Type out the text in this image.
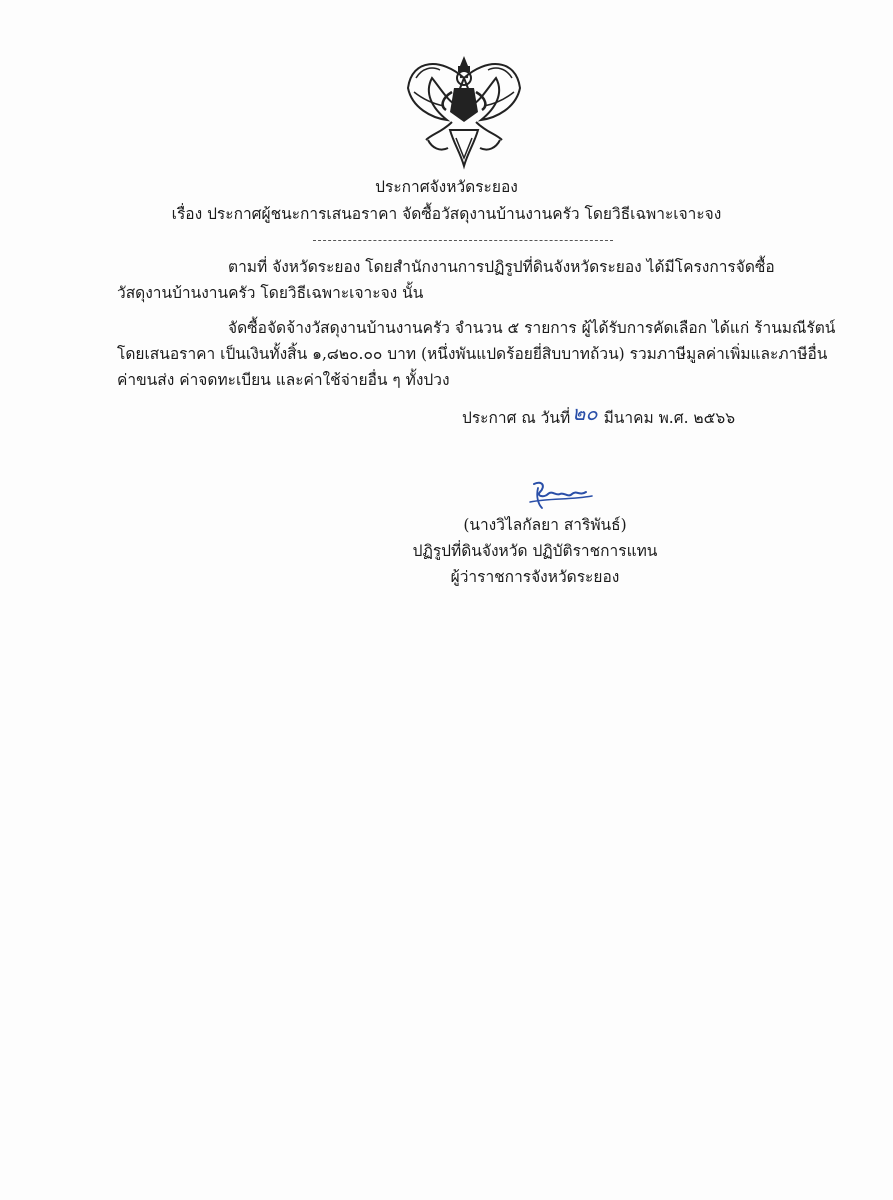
ประกาศจังหวัดระยอง
เรื่อง ประกาศผู้ชนะการเสนอราคา จัดซื้อวัสดุงานบ้านงานครัว โดยวิธีเฉพาะเจาะจง
ตามที่ จังหวัดระยอง โดยสำนักงานการปฏิรูปที่ดินจังหวัดระยอง ได้มีโครงการจัดซื้อ
วัสดุงานบ้านงานครัว โดยวิธีเฉพาะเจาะจง นั้น
จัดซื้อจัดจ้างวัสดุงานบ้านงานครัว จำนวน ๕ รายการ ผู้ได้รับการคัดเลือก ได้แก่ ร้านมณีรัตน์
โดยเสนอราคา เป็นเงินทั้งสิ้น ๑,๘๒๐.๐๐ บาท (หนึ่งพันแปดร้อยยี่สิบบาทถ้วน) รวมภาษีมูลค่าเพิ่มและภาษีอื่น
ค่าขนส่ง ค่าจดทะเบียน และค่าใช้จ่ายอื่น ๆ ทั้งปวง
ประกาศ ณ วันที่ ๒๐ มีนาคม พ.ศ. ๒๕๖๖
(นางวิไลกัลยา สาริพันธ์)
ปฏิรูปที่ดินจังหวัด ปฏิบัติราชการแทน
ผู้ว่าราชการจังหวัดระยอง
